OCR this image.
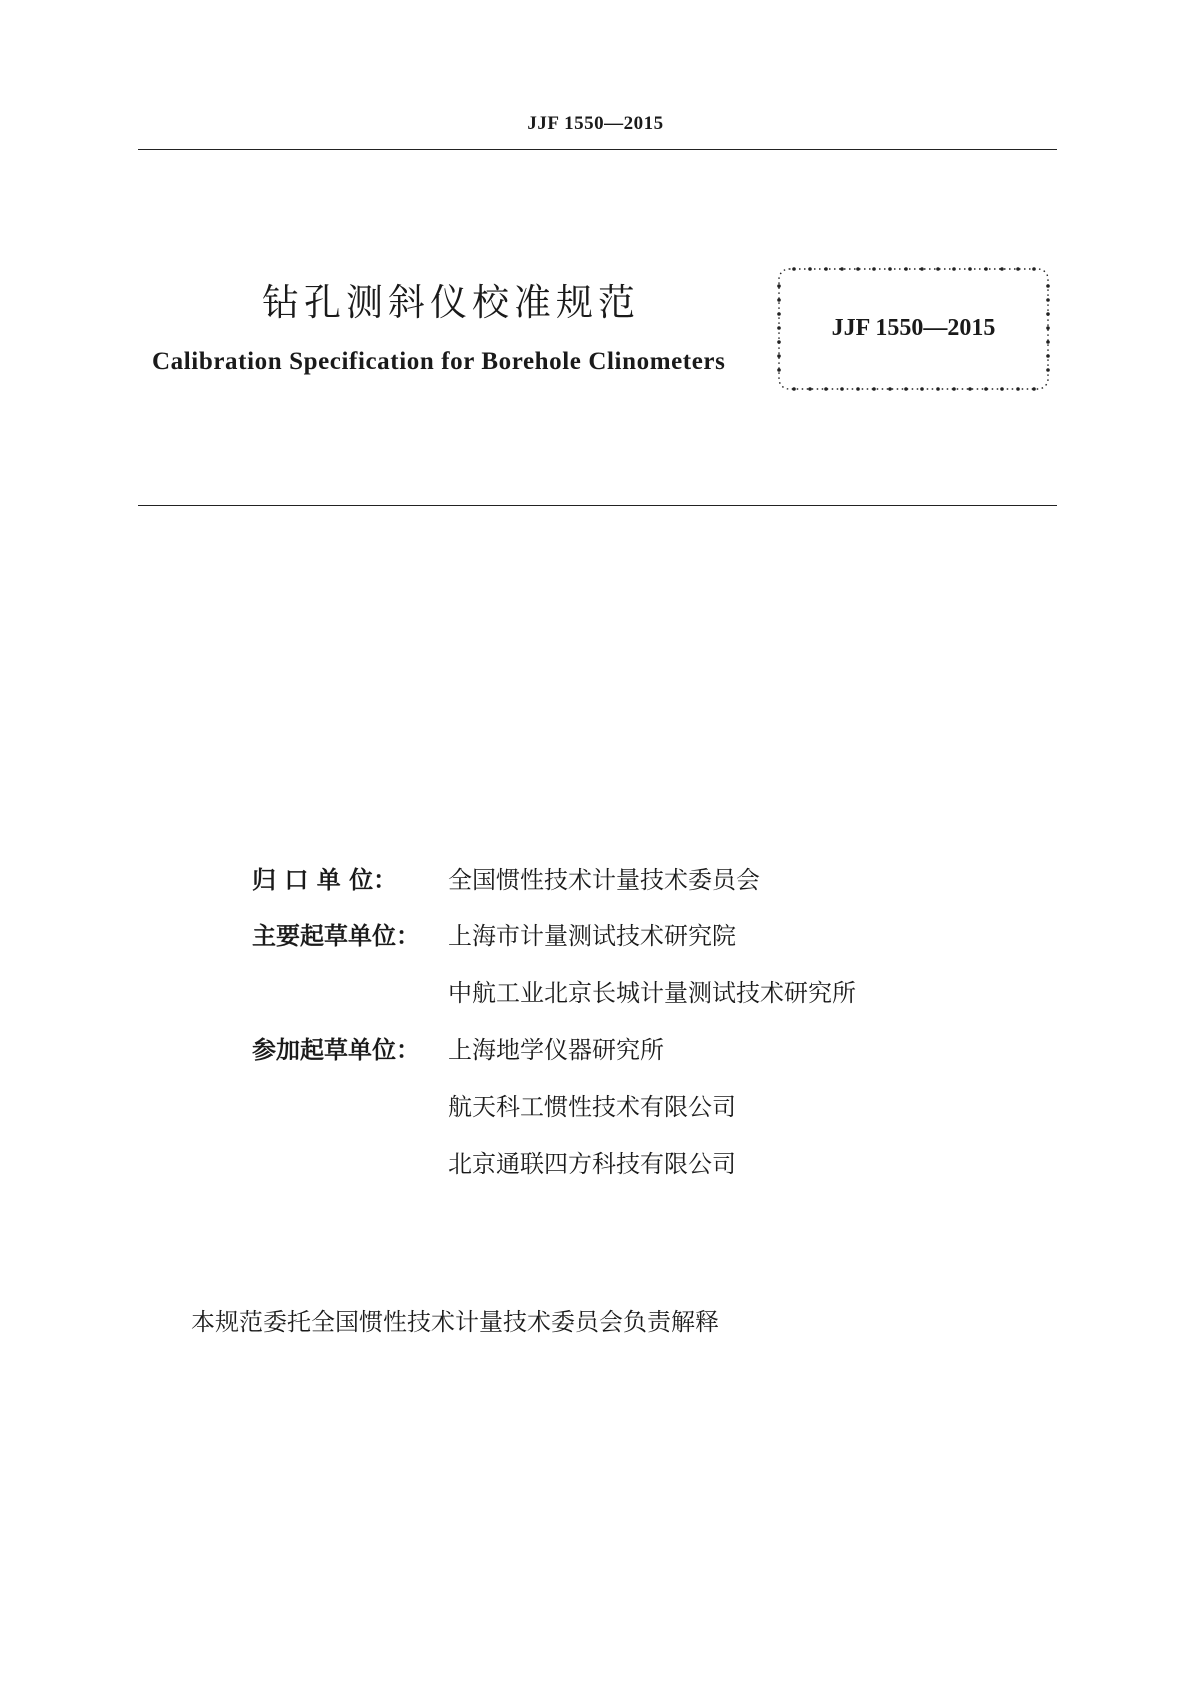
JJF 1550—2015
钻孔测斜仪校准规范
Calibration Specification for Borehole Clinometers
JJF 1550—2015
归 口 单 位： 全国惯性技术计量技术委员会
主要起草单位： 上海市计量测试技术研究院
中航工业北京长城计量测试技术研究所
参加起草单位： 上海地学仪器研究所
航天科工惯性技术有限公司
北京通联四方科技有限公司
本规范委托全国惯性技术计量技术委员会负责解释
